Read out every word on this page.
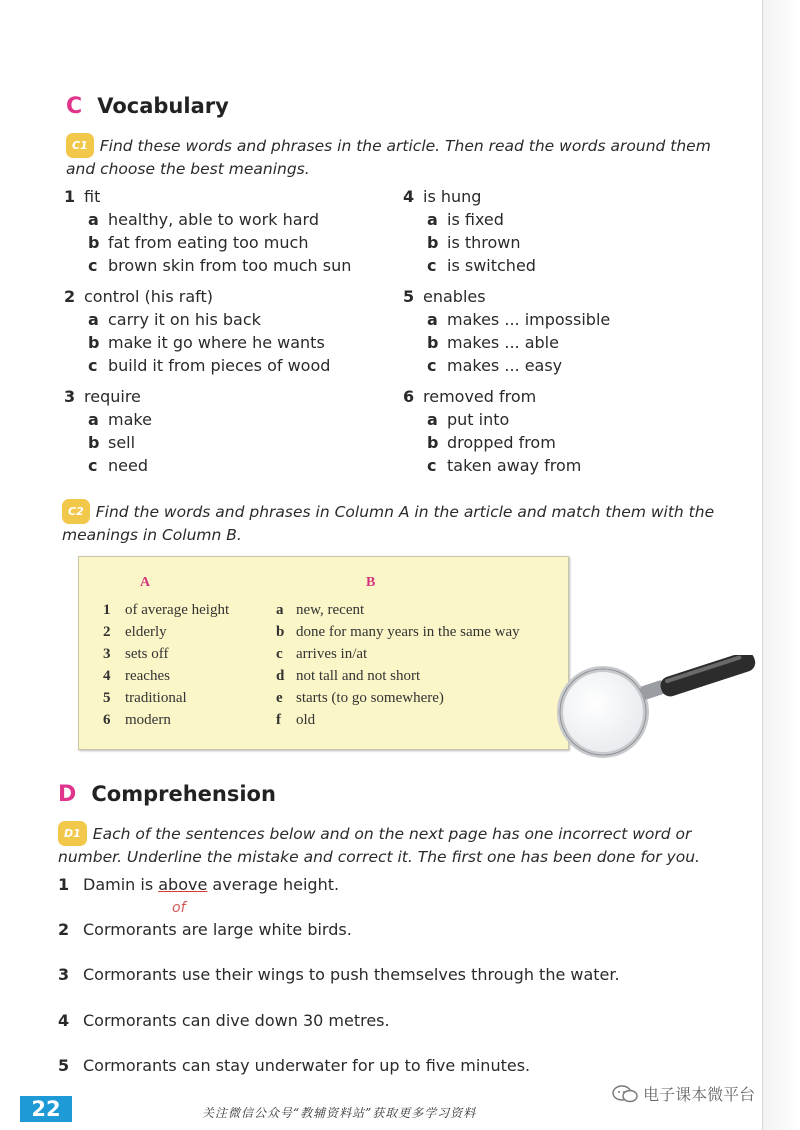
C Vocabulary
C1 Find these words and phrases in the article. Then read the words around them
and choose the best meanings.
1 fit
a healthy, able to work hard
b fat from eating too much
c brown skin from too much sun
2 control (his raft)
a carry it on his back
b make it go where he wants
c build it from pieces of wood
3 require
a make
b sell
c need
4 is hung
a is fixed
b is thrown
c is switched
5 enables
a makes ... impossible
b makes ... able
c makes ... easy
6 removed from
a put into
b dropped from
c taken away from
C2 Find the words and phrases in Column A in the article and match them with the
meanings in Column B.
A	B
1 of average height
2 elderly
3 sets off
4 reaches
5 traditional
6 modern
a new, recent
b done for many years in the same way
c arrives in/at
d not tall and not short
e starts (to go somewhere)
f old
D Comprehension
D1 Each of the sentences below and on the next page has one incorrect word or
number. Underline the mistake and correct it. The first one has been done for you.
1 Damin is above average height.
of
2 Cormorants are large white birds.
3 Cormorants use their wings to push themselves through the water.
4 Cormorants can dive down 30 metres.
5 Cormorants can stay underwater for up to five minutes.
22
电子课本微平台
关注微信公众号“教辅资料站”获取更多学习资料
